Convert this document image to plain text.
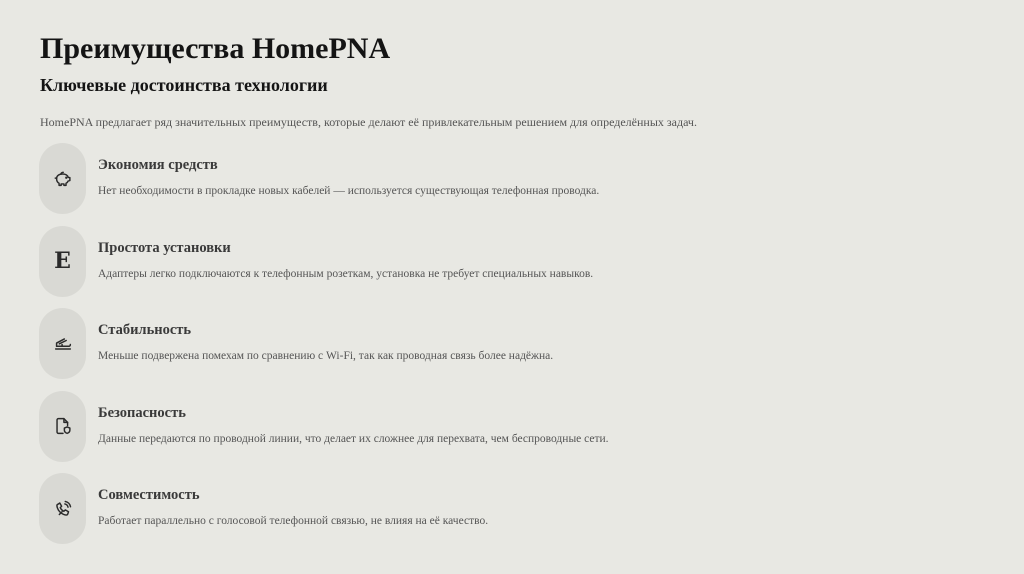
Преимущества HomePNA
Ключевые достоинства технологии

HomePNA предлагает ряд значительных преимуществ, которые делают её привлекательным решением для определённых задач.

Экономия средств

Нет необходимости в прокладке новых кабелей — используется существующая телефонная проводка.

E
Простота установки

Адаптеры легко подключаются к телефонным розеткам, установка не требует специальных навыков.

Стабильность

Меньше подвержена помехам по сравнению с Wi-Fi, так как проводная связь более надёжна.

Безопасность

Данные передаются по проводной линии, что делает их сложнее для перехвата, чем беспроводные сети.

Совместимость

Работает параллельно с голосовой телефонной связью, не влияя на её качество.
